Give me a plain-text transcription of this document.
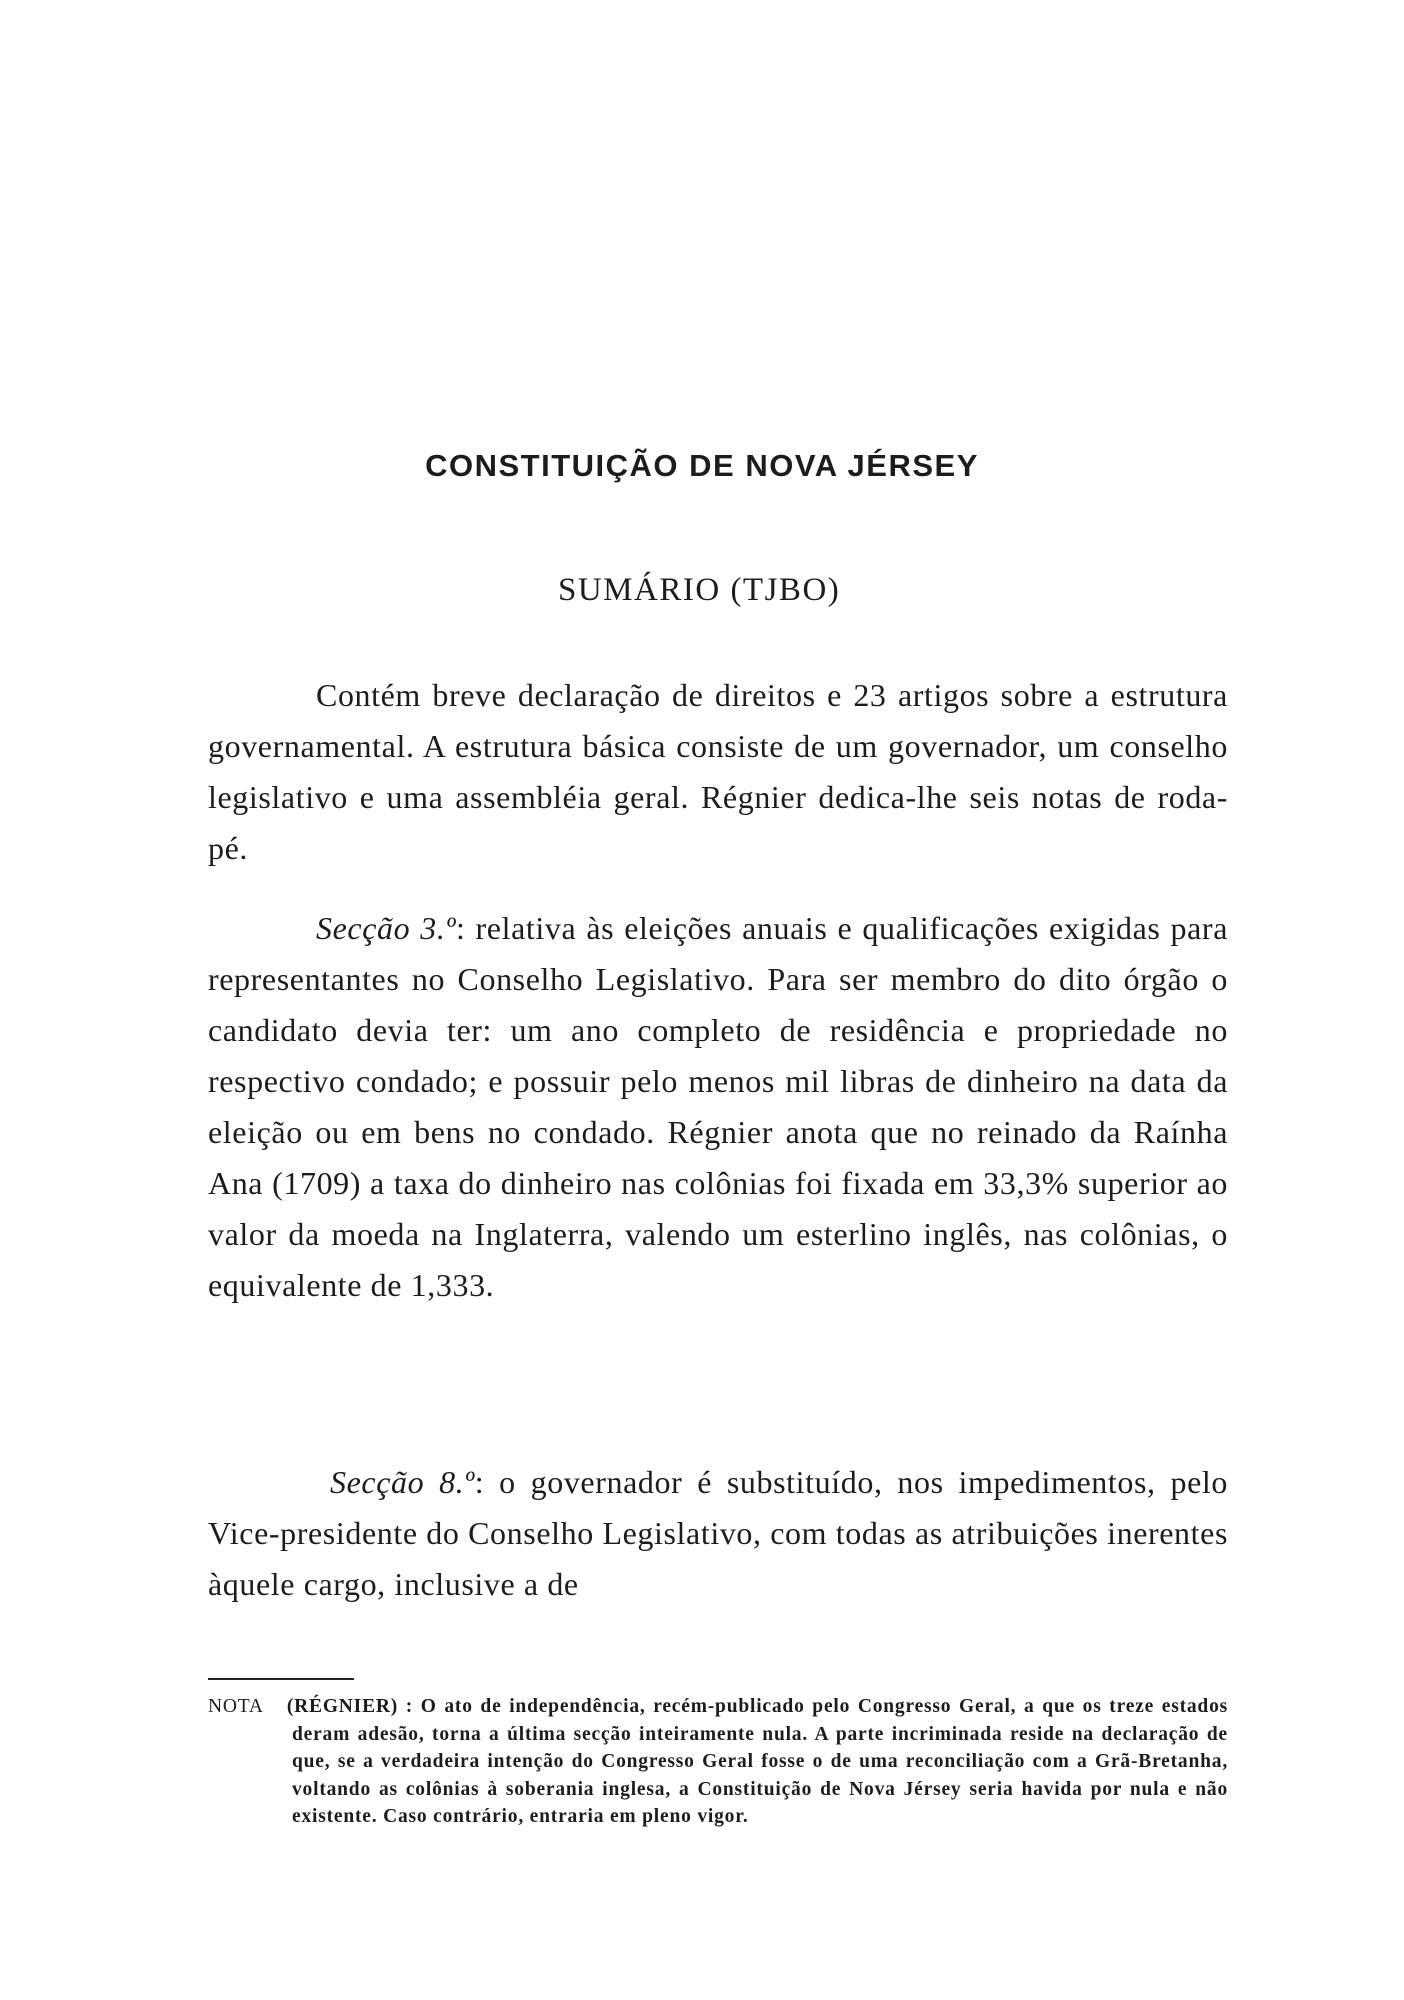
CONSTITUIÇÃO DE NOVA JÉRSEY
SUMÁRIO (TJBO)

Contém breve declaração de direitos e 23 artigos sobre a estrutura governamental. A estrutura básica consiste de um governador, um conselho legislativo e uma assembléia geral. Régnier dedica-lhe seis notas de roda-pé.

Secção 3.º: relativa às eleições anuais e qualificações exigidas para representantes no Conselho Legislativo. Para ser membro do dito órgão o candidato devia ter: um ano completo de residência e propriedade no respectivo condado; e possuir pelo menos mil libras de dinheiro na data da eleição ou em bens no condado. Régnier anota que no reinado da Raínha Ana (1709) a taxa do dinheiro nas colônias foi fixada em 33,3% superior ao valor da moeda na Inglaterra, valendo um esterlino inglês, nas colônias, o equivalente de 1,333.

Secção 8.º: o governador é substituído, nos impedimentos, pelo Vice-presidente do Conselho Legislativo, com todas as atribuições inerentes àquele cargo, inclusive a de

NOTA (RÉGNIER) : O ato de independência, recém-publicado pelo Congresso Geral, a que os treze estados deram adesão, torna a última secção inteiramente nula. A parte incriminada reside na declaração de que, se a verdadeira intenção do Congresso Geral fosse o de uma reconciliação com a Grã-Bretanha, voltando as colônias à soberania inglesa, a Constituição de Nova Jérsey seria havida por nula e não existente. Caso contrário, entraria em pleno vigor.
